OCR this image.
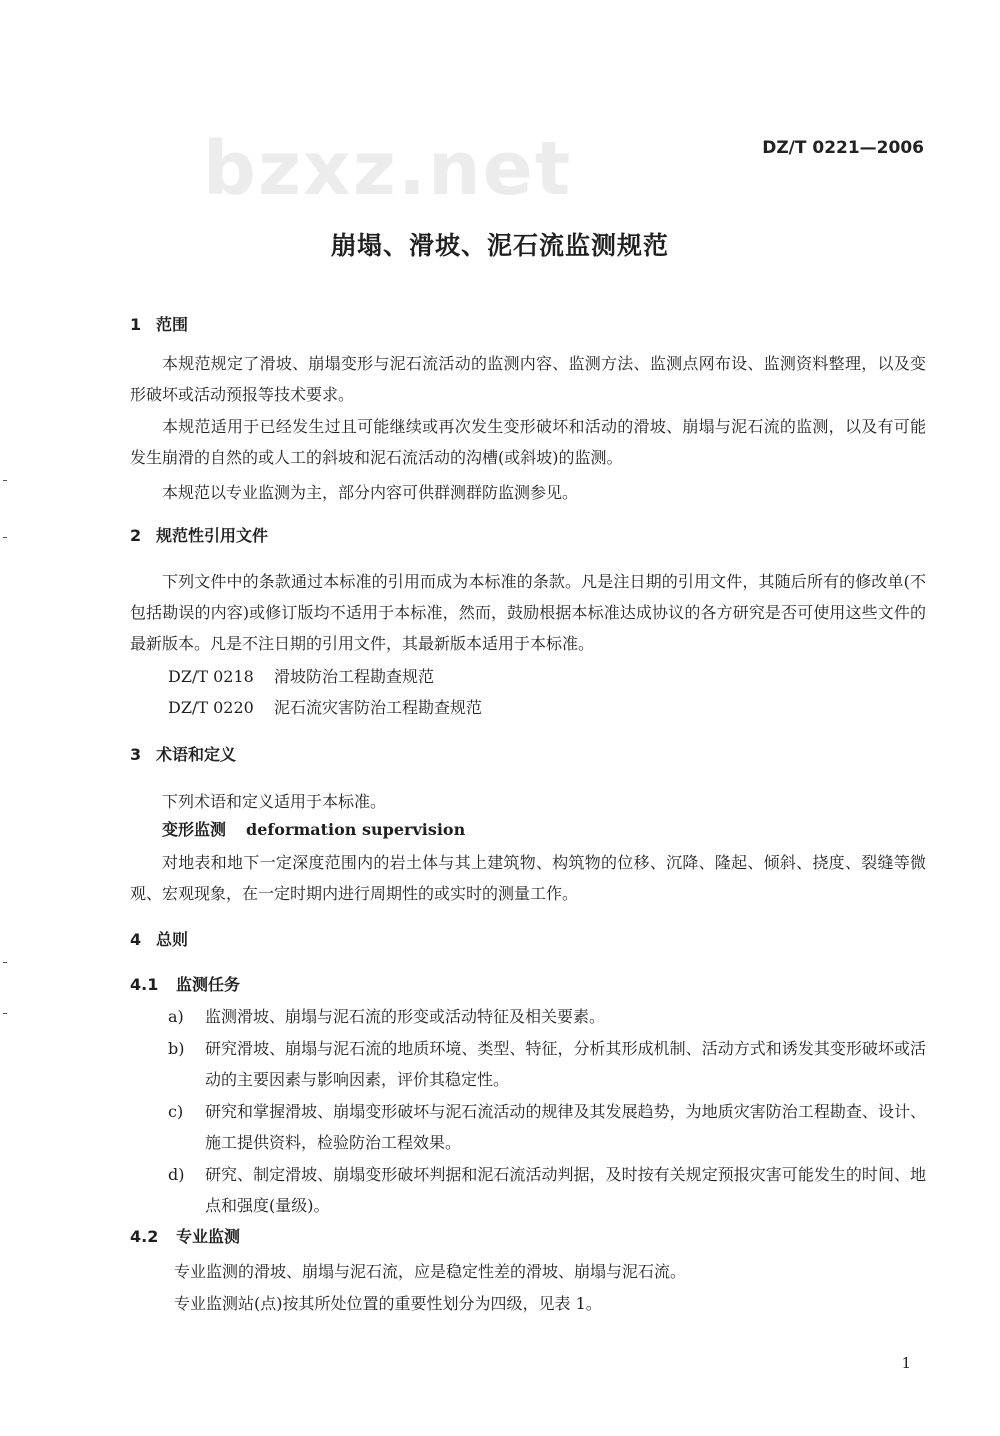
bzxz.net	DZ/T 0221—2006
崩塌、滑坡、泥石流监测规范
1 范围
本规范规定了滑坡、崩塌变形与泥石流活动的监测内容、监测方法、监测点网布设、监测资料整理，以及变形破坏或活动预报等技术要求。
本规范适用于已经发生过且可能继续或再次发生变形破坏和活动的滑坡、崩塌与泥石流的监测，以及有可能发生崩滑的自然的或人工的斜坡和泥石流活动的沟槽(或斜坡)的监测。
本规范以专业监测为主，部分内容可供群测群防监测参见。
2 规范性引用文件
下列文件中的条款通过本标准的引用而成为本标准的条款。凡是注日期的引用文件，其随后所有的修改单(不包括勘误的内容)或修订版均不适用于本标准，然而，鼓励根据本标准达成协议的各方研究是否可使用这些文件的最新版本。凡是不注日期的引用文件，其最新版本适用于本标准。
DZ/T 0218 滑坡防治工程勘查规范
DZ/T 0220 泥石流灾害防治工程勘查规范
3 术语和定义
下列术语和定义适用于本标准。
变形监测 deformation supervision
对地表和地下一定深度范围内的岩土体与其上建筑物、构筑物的位移、沉降、隆起、倾斜、挠度、裂缝等微观、宏观现象，在一定时期内进行周期性的或实时的测量工作。
4 总则
4.1 监测任务
a)	监测滑坡、崩塌与泥石流的形变或活动特征及相关要素。
b)	研究滑坡、崩塌与泥石流的地质环境、类型、特征，分析其形成机制、活动方式和诱发其变形破坏或活动的主要因素与影响因素，评价其稳定性。
c)	研究和掌握滑坡、崩塌变形破坏与泥石流活动的规律及其发展趋势，为地质灾害防治工程勘查、设计、施工提供资料，检验防治工程效果。
d)	研究、制定滑坡、崩塌变形破坏判据和泥石流活动判据，及时按有关规定预报灾害可能发生的时间、地点和强度(量级)。
4.2 专业监测
专业监测的滑坡、崩塌与泥石流，应是稳定性差的滑坡、崩塌与泥石流。
专业监测站(点)按其所处位置的重要性划分为四级，见表 1。
1
